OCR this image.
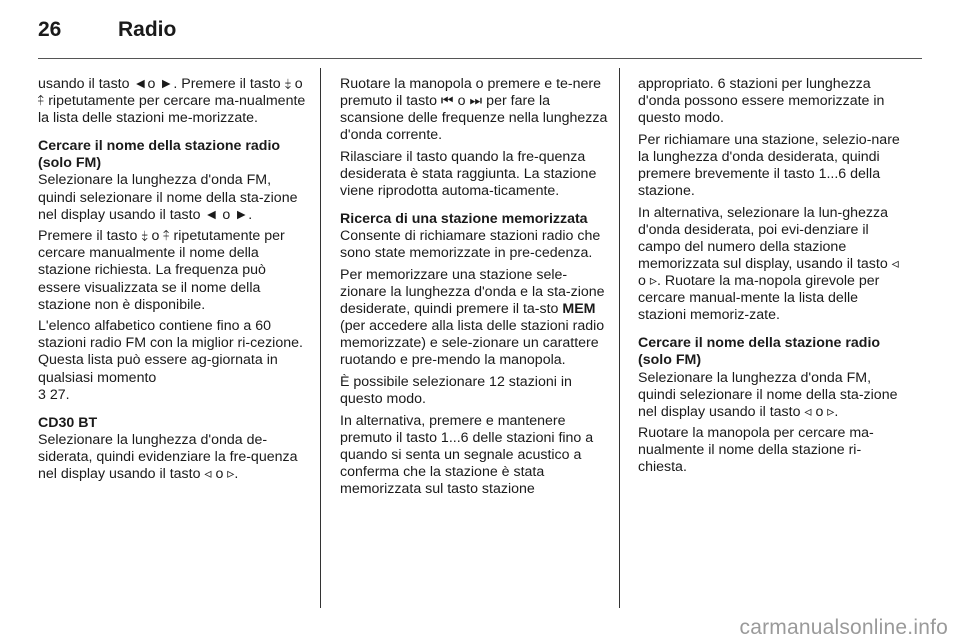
26	Radio

usando il tasto ◄o ►. Premere il tasto ⤈ o ⤉ ripetutamente per cercare ma-nualmente la lista delle stazioni me-morizzate.

Cercare il nome della stazione radio (solo FM)

Selezionare la lunghezza d'onda FM, quindi selezionare il nome della sta-zione nel display usando il tasto ◄ o ►.

Premere il tasto ⤈ o ⤉ ripetutamente per cercare manualmente il nome della stazione richiesta. La frequenza può essere visualizzata se il nome della stazione non è disponibile.

L'elenco alfabetico contiene fino a 60 stazioni radio FM con la miglior ri-cezione. Questa lista può essere ag-giornata in qualsiasi momento
3 27.

CD30 BT

Selezionare la lunghezza d'onda de-siderata, quindi evidenziare la fre-quenza nel display usando il tasto ◃ o ▹.

Ruotare la manopola o premere e te-nere premuto il tasto ⏮ o ⏭ per fare la scansione delle frequenze nella lunghezza d'onda corrente.

Rilasciare il tasto quando la fre-quenza desiderata è stata raggiunta. La stazione viene riprodotta automa-ticamente.

Ricerca di una stazione memorizzata

Consente di richiamare stazioni radio che sono state memorizzate in pre-cedenza.

Per memorizzare una stazione sele-zionare la lunghezza d'onda e la sta-zione desiderate, quindi premere il ta-sto MEM (per accedere alla lista delle stazioni radio memorizzate) e sele-zionare un carattere ruotando e pre-mendo la manopola.

È possibile selezionare 12 stazioni in questo modo.

In alternativa, premere e mantenere premuto il tasto 1...6 delle stazioni fino a quando si senta un segnale acustico a conferma che la stazione è stata memorizzata sul tasto stazione

appropriato. 6 stazioni per lunghezza d'onda possono essere memorizzate in questo modo.

Per richiamare una stazione, selezio-nare la lunghezza d'onda desiderata, quindi premere brevemente il tasto 1...6 della stazione.

In alternativa, selezionare la lun-ghezza d'onda desiderata, poi evi-denziare il campo del numero della stazione memorizzata sul display, usando il tasto ◃ o ▹. Ruotare la ma-nopola girevole per cercare manual-mente la lista delle stazioni memoriz-zate.

Cercare il nome della stazione radio (solo FM)

Selezionare la lunghezza d'onda FM, quindi selezionare il nome della sta-zione nel display usando il tasto ◃ o ▹.

Ruotare la manopola per cercare ma-nualmente il nome della stazione ri-chiesta.

carmanualsonline.info
